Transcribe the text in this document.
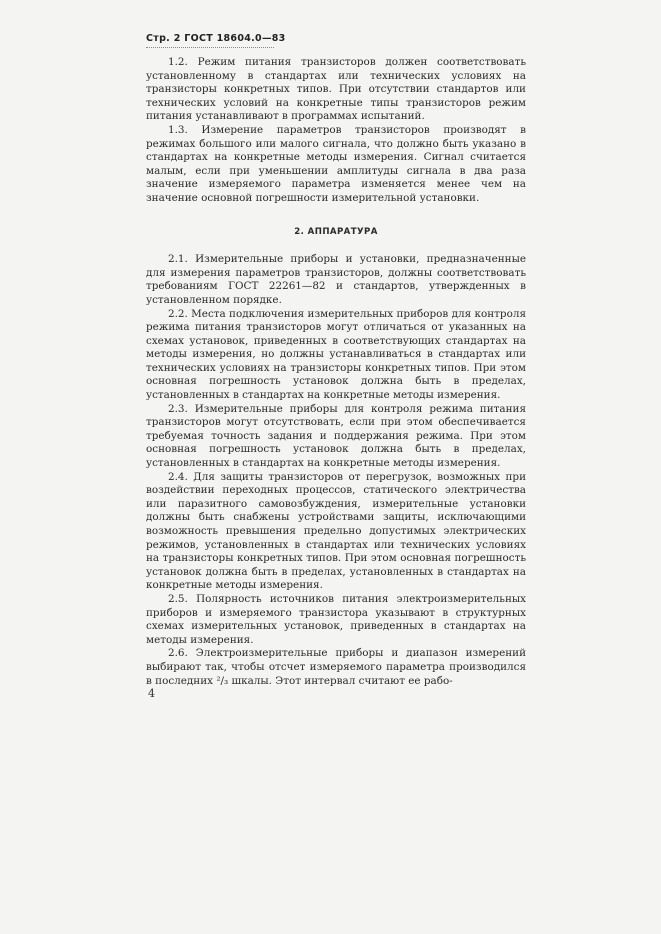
Стр. 2 ГОСТ 18604.0—83

1.2. Режим питания транзисторов должен соответствовать установленному в стандартах или технических условиях на транзисторы конкретных типов. При отсутствии стандартов или технических условий на конкретные типы транзисторов режим питания устанавливают в программах испытаний.

1.3. Измерение параметров транзисторов производят в режимах большого или малого сигнала, что должно быть указано в стандартах на конкретные методы измерения. Сигнал считается малым, если при уменьшении амплитуды сигнала в два раза значение измеряемого параметра изменяется менее чем на значение основной погрешности измерительной установки.

2. АППАРАТУРА

2.1. Измерительные приборы и установки, предназначенные для измерения параметров транзисторов, должны соответствовать требованиям ГОСТ 22261—82 и стандартов, утвержденных в установленном порядке.

2.2. Места подключения измерительных приборов для контроля режима питания транзисторов могут отличаться от указанных на схемах установок, приведенных в соответствующих стандартах на методы измерения, но должны устанавливаться в стандартах или технических условиях на транзисторы конкретных типов. При этом основная погрешность установок должна быть в пределах, установленных в стандартах на конкретные методы измерения.

2.3. Измерительные приборы для контроля режима питания транзисторов могут отсутствовать, если при этом обеспечивается требуемая точность задания и поддержания режима. При этом основная погрешность установок должна быть в пределах, установленных в стандартах на конкретные методы измерения.

2.4. Для защиты транзисторов от перегрузок, возможных при воздействии переходных процессов, статического электричества или паразитного самовозбуждения, измерительные установки должны быть снабжены устройствами защиты, исключающими возможность превышения предельно допустимых электрических режимов, установленных в стандартах или технических условиях на транзисторы конкретных типов. При этом основная погрешность установок должна быть в пределах, установленных в стандартах на конкретные методы измерения.

2.5. Полярность источников питания электроизмерительных приборов и измеряемого транзистора указывают в структурных схемах измерительных установок, приведенных в стандартах на методы измерения.

2.6. Электроизмерительные приборы и диапазон измерений выбирают так, чтобы отсчет измеряемого параметра производился в последних ²/₃ шкалы. Этот интервал считают ее рабо-

4
